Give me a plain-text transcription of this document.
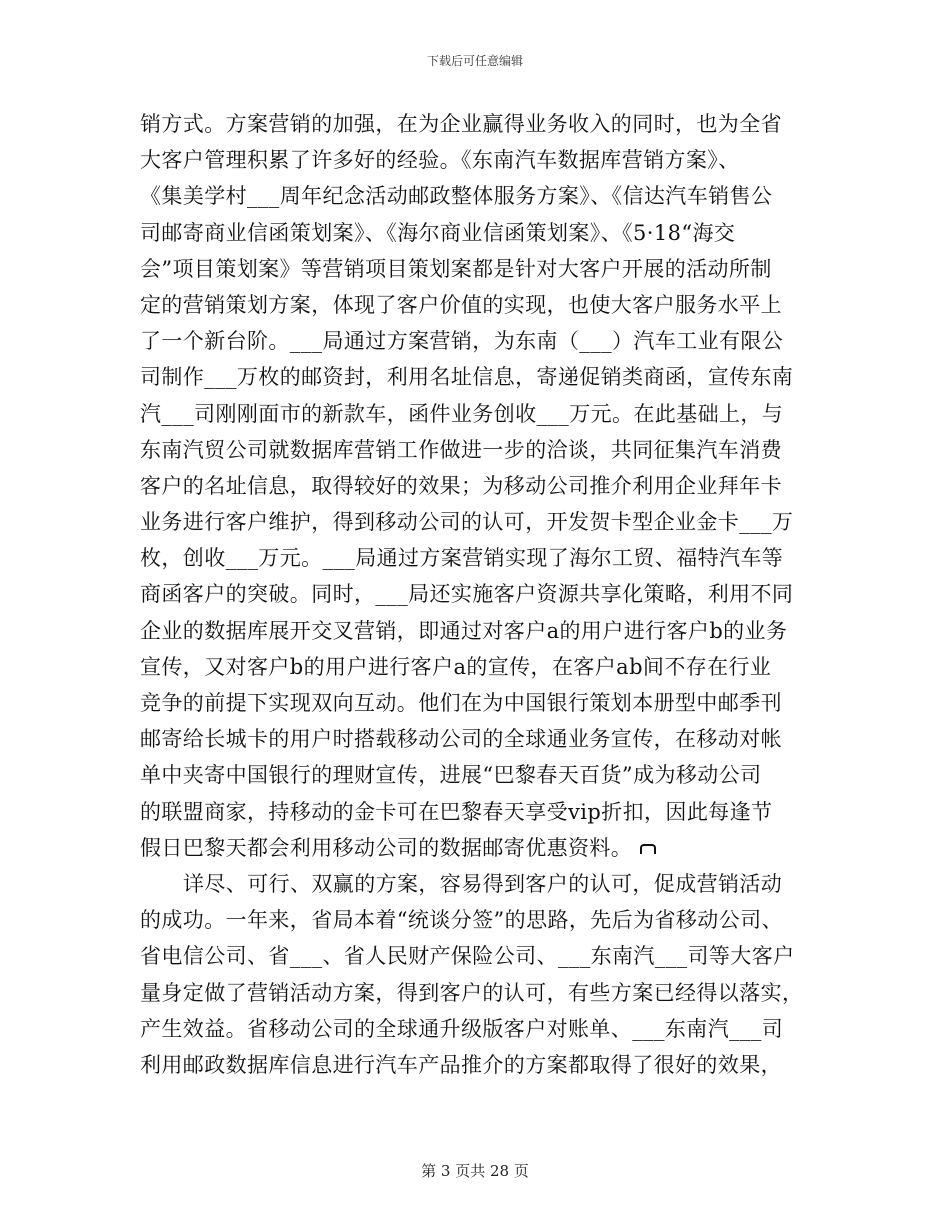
下载后可任意编辑
销方式。方案营销的加强，在为企业赢得业务收入的同时，也为全省
大客户管理积累了许多好的经验。《东南汽车数据库营销方案》、
《集美学村___周年纪念活动邮政整体服务方案》、《信达汽车销售公
司邮寄商业信函策划案》、《海尔商业信函策划案》、《5·18“海交
会”项目策划案》等营销项目策划案都是针对大客户开展的活动所制
定的营销策划方案，体现了客户价值的实现，也使大客户服务水平上
了一个新台阶。___局通过方案营销，为东南（___）汽车工业有限公
司制作___万枚的邮资封，利用名址信息，寄递促销类商函，宣传东南
汽___司刚刚面市的新款车，函件业务创收___万元。在此基础上，与
东南汽贸公司就数据库营销工作做进一步的洽谈，共同征集汽车消费
客户的名址信息，取得较好的效果；为移动公司推介利用企业拜年卡
业务进行客户维护，得到移动公司的认可，开发贺卡型企业金卡___万
枚，创收___万元。___局通过方案营销实现了海尔工贸、福特汽车等
商函客户的突破。同时，___局还实施客户资源共享化策略，利用不同
企业的数据库展开交叉营销，即通过对客户a的用户进行客户b的业务
宣传，又对客户b的用户进行客户a的宣传，在客户ab间不存在行业
竞争的前提下实现双向互动。他们在为中国银行策划本册型中邮季刊
邮寄给长城卡的用户时搭载移动公司的全球通业务宣传，在移动对帐
单中夹寄中国银行的理财宣传，进展“巴黎春天百货”成为移动公司
的联盟商家，持移动的金卡可在巴黎春天享受vip折扣，因此每逢节
假日巴黎天都会利用移动公司的数据邮寄优惠资料。
详尽、可行、双赢的方案，容易得到客户的认可，促成营销活动
的成功。一年来，省局本着“统谈分签”的思路，先后为省移动公司、
省电信公司、省___、省人民财产保险公司、___东南汽___司等大客户
量身定做了营销活动方案，得到客户的认可，有些方案已经得以落实，
产生效益。省移动公司的全球通升级版客户对账单、___东南汽___司
利用邮政数据库信息进行汽车产品推介的方案都取得了很好的效果，
第 3 页共 28 页
